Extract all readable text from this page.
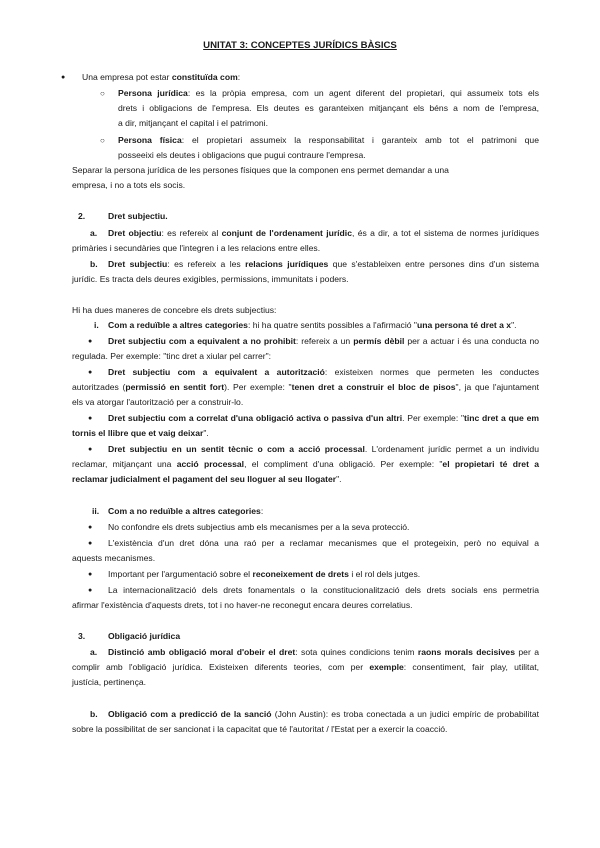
UNITAT 3: CONCEPTES JURÍDICS BÀSICS
● Una empresa pot estar constituïda com:
○ Persona jurídica: es la pròpia empresa, com un agent diferent del propietari, qui assumeix tots els
drets i obligacions de l'empresa. Els deutes es garanteixen mitjançant els béns a nom de l'empresa,
a dir, mitjançant el capital i el patrimoni.
○ Persona física: el propietari assumeix la responsabilitat i garanteix amb tot el patrimoni que
posseeixi els deutes i obligacions que pugui contraure l'empresa.
Separar la persona jurídica de les persones físiques que la componen ens permet demandar a una
empresa, i no a tots els socis.
2.	Dret subjectiu.
a. Dret objectiu: es refereix al conjunt de l'ordenament jurídic, és a dir, a tot el sistema de normes jurídiques
primàries i secundàries que l'integren i a les relacions entre elles.
b. Dret subjectiu: es refereix a les relacions jurídiques que s'estableixen entre persones dins d'un sistema
jurídic. Es tracta dels deures exigibles, permissions, immunitats i poders.
Hi ha dues maneres de concebre els drets subjectius:
i. Com a reduïble a altres categories: hi ha quatre sentits possibles a l'afirmació "una persona té dret a x".
● Dret subjectiu com a equivalent a no prohibit: refereix a un permís dèbil per a actuar i és una conducta no
regulada. Per exemple: "tinc dret a xiular pel carrer":
● Dret subjectiu com a equivalent a autorització: existeixen normes que permeten les conductes
autoritzades (permissió en sentit fort). Per exemple: "tenen dret a construir el bloc de pisos", ja que l'ajuntament
els va atorgar l'autorització per a construir-lo.
● Dret subjectiu com a correlat d'una obligació activa o passiva d'un altri. Per exemple: "tinc dret a que em
tornis el llibre que et vaig deixar".
● Dret subjectiu en un sentit tècnic o com a acció processal. L'ordenament jurídic permet a un individu
reclamar, mitjançant una acció processal, el compliment d'una obligació. Per exemple: "el propietari té dret a
reclamar judicialment el pagament del seu lloguer al seu llogater".
ii. Com a no reduïble a altres categories:
● No confondre els drets subjectius amb els mecanismes per a la seva protecció.
● L'existència d'un dret dóna una raó per a reclamar mecanismes que el protegeixin, però no equival a
aquests mecanismes.
● Important per l'argumentació sobre el reconeixement de drets i el rol dels jutges.
● La internacionalització dels drets fonamentals o la constitucionalització dels drets socials ens permetria
afirmar l'existència d'aquests drets, tot i no haver-ne reconegut encara deures correlatius.
3.	Obligació jurídica
a. Distinció amb obligació moral d'obeir el dret: sota quines condicions tenim raons morals decisives per a
complir amb l'obligació jurídica. Existeixen diferents teories, com per exemple: consentiment, fair play, utilitat,
justícia, pertinença.
b. Obligació com a predicció de la sanció (John Austin): es troba conectada a un judici empíric de probabilitat
sobre la possibilitat de ser sancionat i la capacitat que té l'autoritat / l'Estat per a exercir la coacció.
